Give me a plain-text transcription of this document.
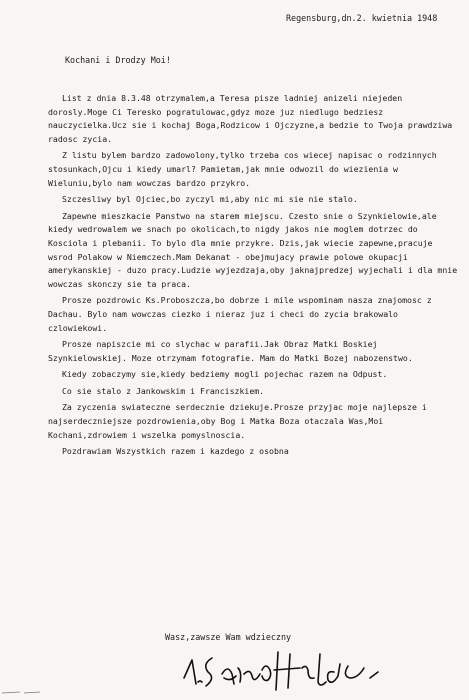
Regensburg,dn.2. kwietnia 1948
Kochani i Drodzy Moi!

List z dnia 8.3.48 otrzymalem,a Teresa pisze ladniej anizeli niejeden dorosly.Moge Ci Teresko pogratulowac,gdyz moze juz niedlugo bedziesz nauczycielka.Ucz sie i kochaj Boga,Rodzicow i Ojczyzne,a bedzie to Twoja prawdziwa radosc zycia.

Z listu bylem bardzo zadowolony,tylko trzeba cos wiecej napisac o rodzinnych stosunkach,Ojcu i kiedy umarl? Pamietam,jak mnie odwozil do wiezienia w Wieluniu,bylo nam wowczas bardzo przykro.

Szczesliwy byl Ojciec,bo zyczyl mi,aby nic mi sie nie stalo.

Zapewne mieszkacie Panstwo na starem miejscu. Czesto snie o Szynkielowie,ale kiedy wedrowalem we snach po okolicach,to nigdy jakos nie moglem dotrzec do Kosciola i plebanii. To bylo dla mnie przykre. Dzis,jak wiecie zapewne,pracuje wsrod Polakow w Niemczech.Mam Dekanat - obejmujacy prawie polowe okupacji amerykanskiej - duzo pracy.Ludzie wyjezdzaja,oby jaknajpredzej wyjechali i dla mnie wowczas skonczy sie ta praca.

Prosze pozdrowic Ks.Proboszcza,bo dobrze i mile wspominam nasza znajomosc z Dachau. Bylo nam wowczas ciezko i nieraz juz i checi do zycia brakowalo czlowiekowi.

Prosze napiszcie mi co slychac w parafii.Jak Obraz Matki Boskiej Szynkielowskiej. Moze otrzymam fotografie. Mam do Matki Bozej nabozenstwo.

Kiedy zobaczymy sie,kiedy bedziemy mogli pojechac razem na Odpust.

Co sie stalo z Jankowskim i Franciszkiem.

Za zyczenia swiateczne serdecznie dziekuje.Prosze przyjac moje najlepsze i najserdeczniejsze pozdrowienia,oby Bog i Matka Boza otaczala Was,Moi Kochani,zdrowiem i wszelka pomyslnoscia.

Pozdrawiam Wszystkich razem i kazdego z osobna

Wasz,zawsze Wam wdzieczny
